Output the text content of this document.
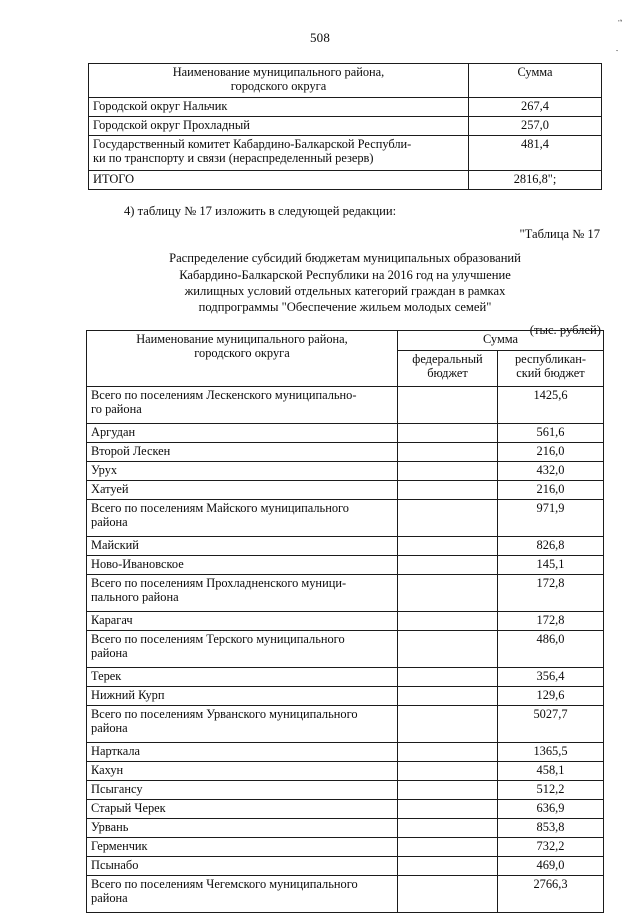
.,
.
508
Наименование муниципального района,
городского округа	Сумма
Городской округ Нальчик	267,4
Городской округ Прохладный	257,0
Государственный комитет Кабардино-Балкарской Республи-
ки по транспорту и связи (нераспределенный резерв)	481,4
ИТОГО	2816,8";
4) таблицу № 17 изложить в следующей редакции:
"Таблица № 17
Распределение субсидий бюджетам муниципальных образований
Кабардино-Балкарской Республики на 2016 год на улучшение
жилищных условий отдельных категорий граждан в рамках
подпрограммы "Обеспечение жильем молодых семей"
(тыс. рублей)
Наименование муниципального района,
городского округа	Сумма	
	федеральный
бюджет	республикан-
ский бюджет
Всего по поселениям Лескенского муниципально-
го района		1425,6
Аргудан		561,6
Второй Лескен		216,0
Урух		432,0
Хатуей		216,0
Всего по поселениям Майского муниципального
района		971,9
Майский		826,8
Ново-Ивановское		145,1
Всего по поселениям Прохладненского муници-
пального района		172,8
Карагач		172,8
Всего по поселениям Терского муниципального
района		486,0
Терек		356,4
Нижний Курп		129,6
Всего по поселениям Урванского муниципального
района		5027,7
Нарткала		1365,5
Кахун		458,1
Псыгансу		512,2
Старый Черек		636,9
Урвань		853,8
Герменчик		732,2
Псынабо		469,0
Всего по поселениям Чегемского муниципального
района		2766,3
